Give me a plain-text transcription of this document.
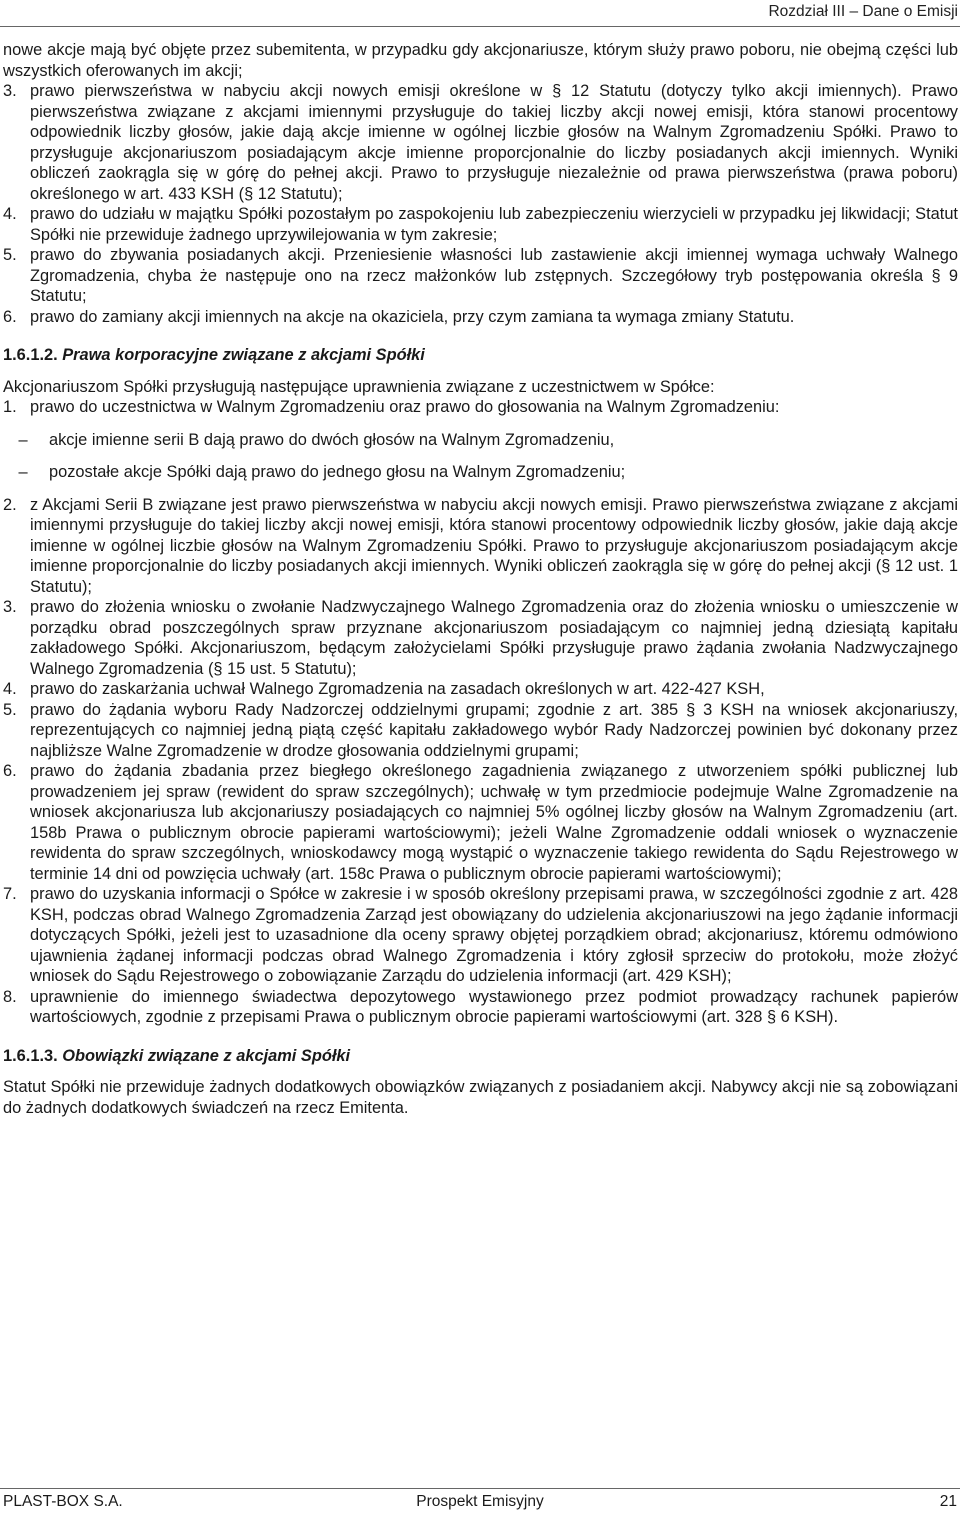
Rozdział III – Dane o Emisji

nowe akcje mają być objęte przez subemitenta, w przypadku gdy akcjonariusze, którym służy prawo poboru, nie obejmą części lub wszystkich oferowanych im akcji;

3. prawo pierwszeństwa w nabyciu akcji nowych emisji określone w § 12 Statutu (dotyczy tylko akcji imiennych). Prawo pierwszeństwa związane z akcjami imiennymi przysługuje do takiej liczby akcji nowej emisji, która stanowi procentowy odpowiednik liczby głosów, jakie dają akcje imienne w ogólnej liczbie głosów na Walnym Zgromadzeniu Spółki. Prawo to przysługuje akcjonariuszom posiadającym akcje imienne proporcjonalnie do liczby posiadanych akcji imiennych. Wyniki obliczeń zaokrągla się w górę do pełnej akcji. Prawo to przysługuje niezależnie od prawa pierwszeństwa (prawa poboru) określonego w art. 433 KSH (§ 12 Statutu);

4. prawo do udziału w majątku Spółki pozostałym po zaspokojeniu lub zabezpieczeniu wierzycieli w przypadku jej likwidacji; Statut Spółki nie przewiduje żadnego uprzywilejowania w tym zakresie;

5. prawo do zbywania posiadanych akcji. Przeniesienie własności lub zastawienie akcji imiennej wymaga uchwały Walnego Zgromadzenia, chyba że następuje ono na rzecz małżonków lub zstępnych. Szczegółowy tryb postępowania określa § 9 Statutu;

6. prawo do zamiany akcji imiennych na akcje na okaziciela, przy czym zamiana ta wymaga zmiany Statutu.

1.6.1.2. Prawa korporacyjne związane z akcjami Spółki

Akcjonariuszom Spółki przysługują następujące uprawnienia związane z uczestnictwem w Spółce:

1. prawo do uczestnictwa w Walnym Zgromadzeniu oraz prawo do głosowania na Walnym Zgromadzeniu:

–	akcje imienne serii B dają prawo do dwóch głosów na Walnym Zgromadzeniu,

–	pozostałe akcje Spółki dają prawo do jednego głosu na Walnym Zgromadzeniu;

2. z Akcjami Serii B związane jest prawo pierwszeństwa w nabyciu akcji nowych emisji. Prawo pierwszeństwa związane z akcjami imiennymi przysługuje do takiej liczby akcji nowej emisji, która stanowi procentowy odpowiednik liczby głosów, jakie dają akcje imienne w ogólnej liczbie głosów na Walnym Zgromadzeniu Spółki. Prawo to przysługuje akcjonariuszom posiadającym akcje imienne proporcjonalnie do liczby posiadanych akcji imiennych. Wyniki obliczeń zaokrągla się w górę do pełnej akcji (§ 12 ust. 1 Statutu);

3. prawo do złożenia wniosku o zwołanie Nadzwyczajnego Walnego Zgromadzenia oraz do złożenia wniosku o umieszczenie w porządku obrad poszczególnych spraw przyznane akcjonariuszom posiadającym co najmniej jedną dziesiątą kapitału zakładowego Spółki. Akcjonariuszom, będącym założycielami Spółki przysługuje prawo żądania zwołania Nadzwyczajnego Walnego Zgromadzenia (§ 15 ust. 5 Statutu);

4. prawo do zaskarżania uchwał Walnego Zgromadzenia na zasadach określonych w art. 422-427 KSH,

5. prawo do żądania wyboru Rady Nadzorczej oddzielnymi grupami; zgodnie z art. 385 § 3 KSH na wniosek akcjonariuszy, reprezentujących co najmniej jedną piątą część kapitału zakładowego wybór Rady Nadzorczej powinien być dokonany przez najbliższe Walne Zgromadzenie w drodze głosowania oddzielnymi grupami;

6. prawo do żądania zbadania przez biegłego określonego zagadnienia związanego z utworzeniem spółki publicznej lub prowadzeniem jej spraw (rewident do spraw szczególnych); uchwałę w tym przedmiocie podejmuje Walne Zgromadzenie na wniosek akcjonariusza lub akcjonariuszy posiadających co najmniej 5% ogólnej liczby głosów na Walnym Zgromadzeniu (art. 158b Prawa o publicznym obrocie papierami wartościowymi); jeżeli Walne Zgromadzenie oddali wniosek o wyznaczenie rewidenta do spraw szczególnych, wnioskodawcy mogą wystąpić o wyznaczenie takiego rewidenta do Sądu Rejestrowego w terminie 14 dni od powzięcia uchwały (art. 158c Prawa o publicznym obrocie papierami wartościowymi);

7. prawo do uzyskania informacji o Spółce w zakresie i w sposób określony przepisami prawa, w szczególności zgodnie z art. 428 KSH, podczas obrad Walnego Zgromadzenia Zarząd jest obowiązany do udzielenia akcjonariuszowi na jego żądanie informacji dotyczących Spółki, jeżeli jest to uzasadnione dla oceny sprawy objętej porządkiem obrad; akcjonariusz, któremu odmówiono ujawnienia żądanej informacji podczas obrad Walnego Zgromadzenia i który zgłosił sprzeciw do protokołu, może złożyć wniosek do Sądu Rejestrowego o zobowiązanie Zarządu do udzielenia informacji (art. 429 KSH);

8. uprawnienie do imiennego świadectwa depozytowego wystawionego przez podmiot prowadzący rachunek papierów wartościowych, zgodnie z przepisami Prawa o publicznym obrocie papierami wartościowymi (art. 328 § 6 KSH).

1.6.1.3. Obowiązki związane z akcjami Spółki

Statut Spółki nie przewiduje żadnych dodatkowych obowiązków związanych z posiadaniem akcji. Nabywcy akcji nie są zobowiązani do żadnych dodatkowych świadczeń na rzecz Emitenta.

PLAST-BOX S.A.	Prospekt Emisyjny	21
